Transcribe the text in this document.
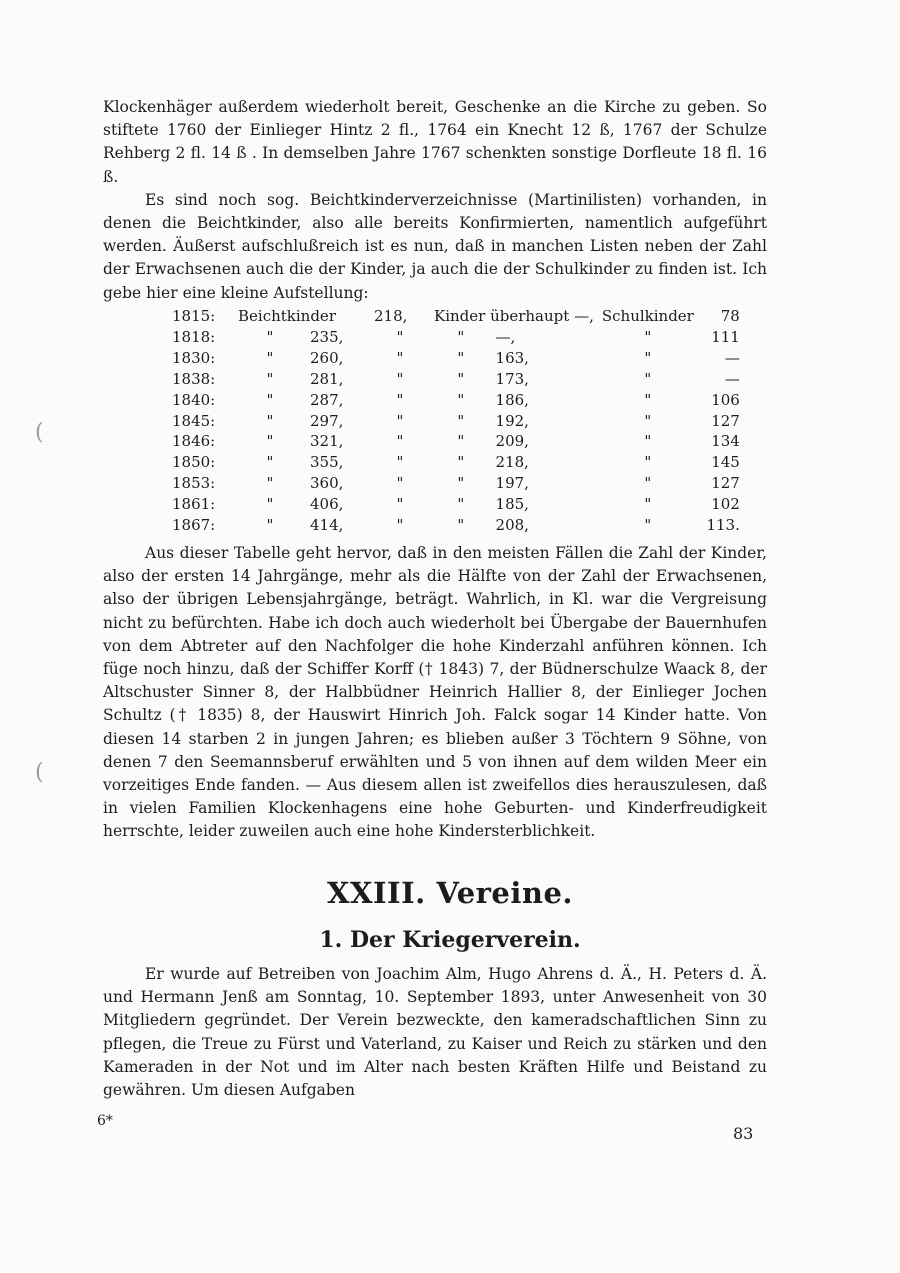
(
(

Klockenhäger außerdem wiederholt bereit, Geschenke an die Kirche zu geben. So stiftete 1760 der Einlieger Hintz 2 fl., 1764 ein Knecht 12 ß, 1767 der Schulze Rehberg 2 fl. 14 ß . In demselben Jahre 1767 schenkten sonstige Dorfleute 18 fl. 16 ß.

Es sind noch sog. Beichtkinderverzeichnisse (Martinilisten) vorhanden, in denen die Beichtkinder, also alle bereits Konfirmierten, namentlich aufgeführt werden. Äußerst aufschlußreich ist es nun, daß in manchen Listen neben der Zahl der Erwachsenen auch die der Kinder, ja auch die der Schulkinder zu finden ist. Ich gebe hier eine kleine Aufstellung:

1815:	Beichtkinder		218,	Kinder überhaupt —,		Schulkinder	78
1818:	"	235,	"	"	—,	"	111
1830:	"	260,	"	"	163,	"	—
1838:	"	281,	"	"	173,	"	—
1840:	"	287,	"	"	186,	"	106
1845:	"	297,	"	"	192,	"	127
1846:	"	321,	"	"	209,	"	134
1850:	"	355,	"	"	218,	"	145
1853:	"	360,	"	"	197,	"	127
1861:	"	406,	"	"	185,	"	102
1867:	"	414,	"	"	208,	"	113.

Aus dieser Tabelle geht hervor, daß in den meisten Fällen die Zahl der Kinder, also der ersten 14 Jahrgänge, mehr als die Hälfte von der Zahl der Erwachsenen, also der übrigen Lebensjahrgänge, beträgt. Wahrlich, in Kl. war die Vergreisung nicht zu befürchten. Habe ich doch auch wiederholt bei Übergabe der Bauernhufen von dem Abtreter auf den Nachfolger die hohe Kinderzahl anführen können. Ich füge noch hinzu, daß der Schiffer Korff († 1843) 7, der Büdnerschulze Waack 8, der Altschuster Sinner 8, der Halbbüdner Heinrich Hallier 8, der Einlieger Jochen Schultz († 1835) 8, der Hauswirt Hinrich Joh. Falck sogar 14 Kinder hatte. Von diesen 14 starben 2 in jungen Jahren; es blieben außer 3 Töchtern 9 Söhne, von denen 7 den Seemannsberuf erwählten und 5 von ihnen auf dem wilden Meer ein vorzeitiges Ende fanden. — Aus diesem allen ist zweifellos dies herauszulesen, daß in vielen Familien Klockenhagens eine hohe Geburten- und Kinderfreudigkeit herrschte, leider zuweilen auch eine hohe Kindersterblichkeit.

XXIII. Vereine.
1. Der Kriegerverein.

Er wurde auf Betreiben von Joachim Alm, Hugo Ahrens d. Ä., H. Peters d. Ä. und Hermann Jenß am Sonntag, 10. September 1893, unter Anwesenheit von 30 Mitgliedern gegründet. Der Verein bezweckte, den kameradschaftlichen Sinn zu pflegen, die Treue zu Fürst und Vaterland, zu Kaiser und Reich zu stärken und den Kameraden in der Not und im Alter nach besten Kräften Hilfe und Beistand zu gewähren. Um diesen Aufgaben

6*
83
